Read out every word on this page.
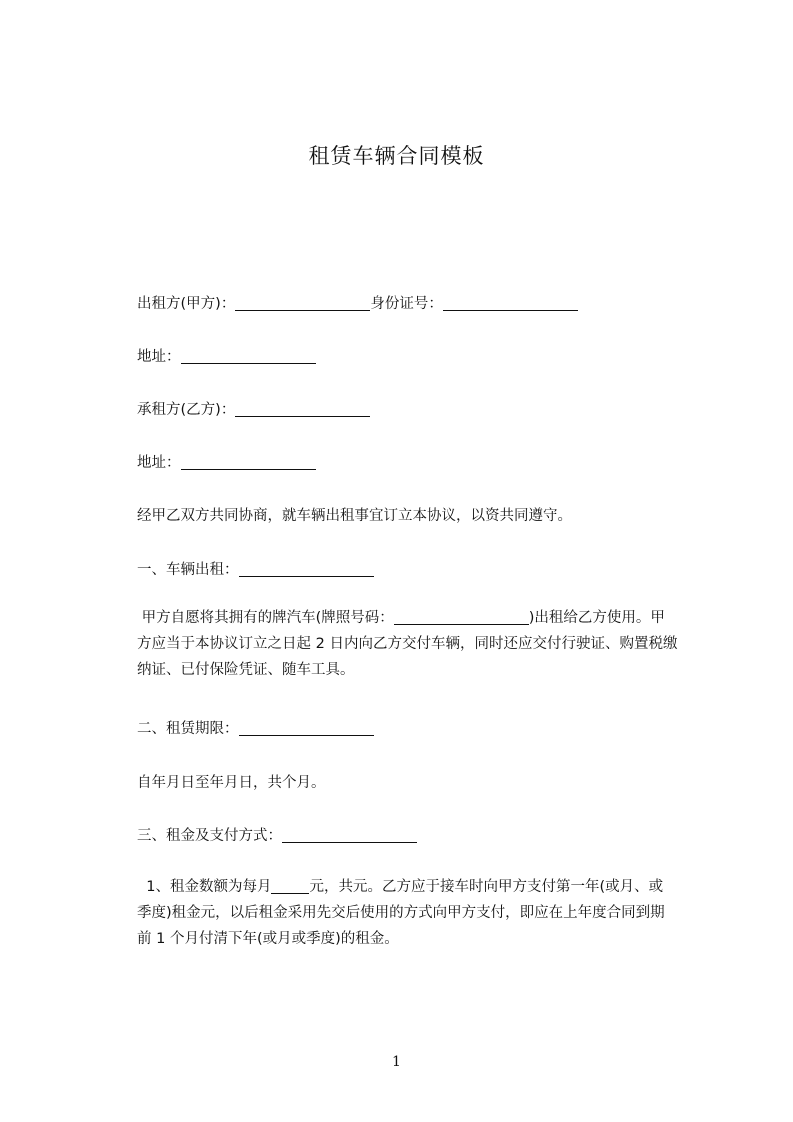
租赁车辆合同模板
出租方(甲方)：	身份证号：
地址：
承租方(乙方)：
地址：
经甲乙双方共同协商，就车辆出租事宜订立本协议，以资共同遵守。
一、车辆出租：
甲方自愿将其拥有的牌汽车(牌照号码：	)出租给乙方使用。甲
方应当于本协议订立之日起 2 日内向乙方交付车辆，同时还应交付行驶证、购置税缴
纳证、已付保险凭证、随车工具。
二、租赁期限：
自年月日至年月日，共个月。
三、租金及支付方式：
1、租金数额为每月	元，共元。乙方应于接车时向甲方支付第一年(或月、或
季度)租金元，以后租金采用先交后使用的方式向甲方支付，即应在上年度合同到期
前 1 个月付清下年(或月或季度)的租金。
1
